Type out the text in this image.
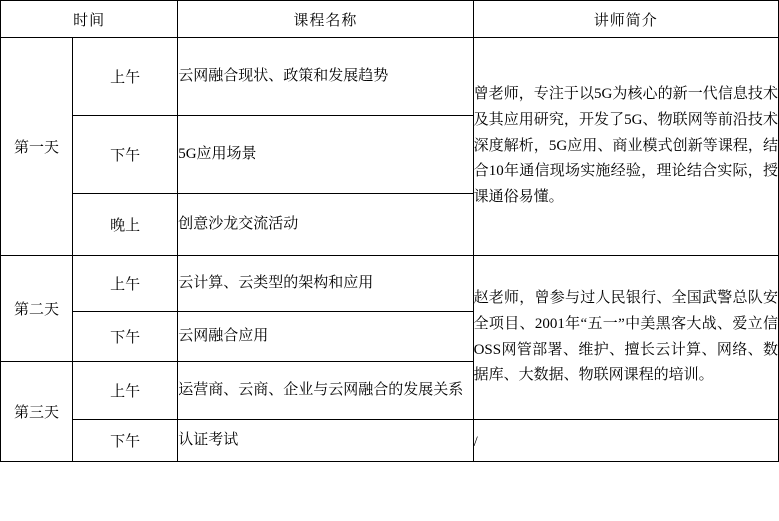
时间		课程名称	讲师简介
第一天	上午	云网融合现状、政策和发展趋势	曾老师，专注于以5G为核心的新一代信息技术及其应用研究，开发了5G、物联网等前沿技术深度解析，5G应用、商业模式创新等课程，结合10年通信现场实施经验，理论结合实际，授课通俗易懂。
	下午	5G应用场景	
	晚上	创意沙龙交流活动	
第二天	上午	云计算、云类型的架构和应用	赵老师，曾参与过人民银行、全国武警总队安全项目、2001年“五一”中美黑客大战、爱立信OSS网管部署、维护、擅长云计算、网络、数据库、大数据、物联网课程的培训。
	下午	云网融合应用	
第三天	上午	运营商、云商、企业与云网融合的发展关系	
	下午	认证考试	/
